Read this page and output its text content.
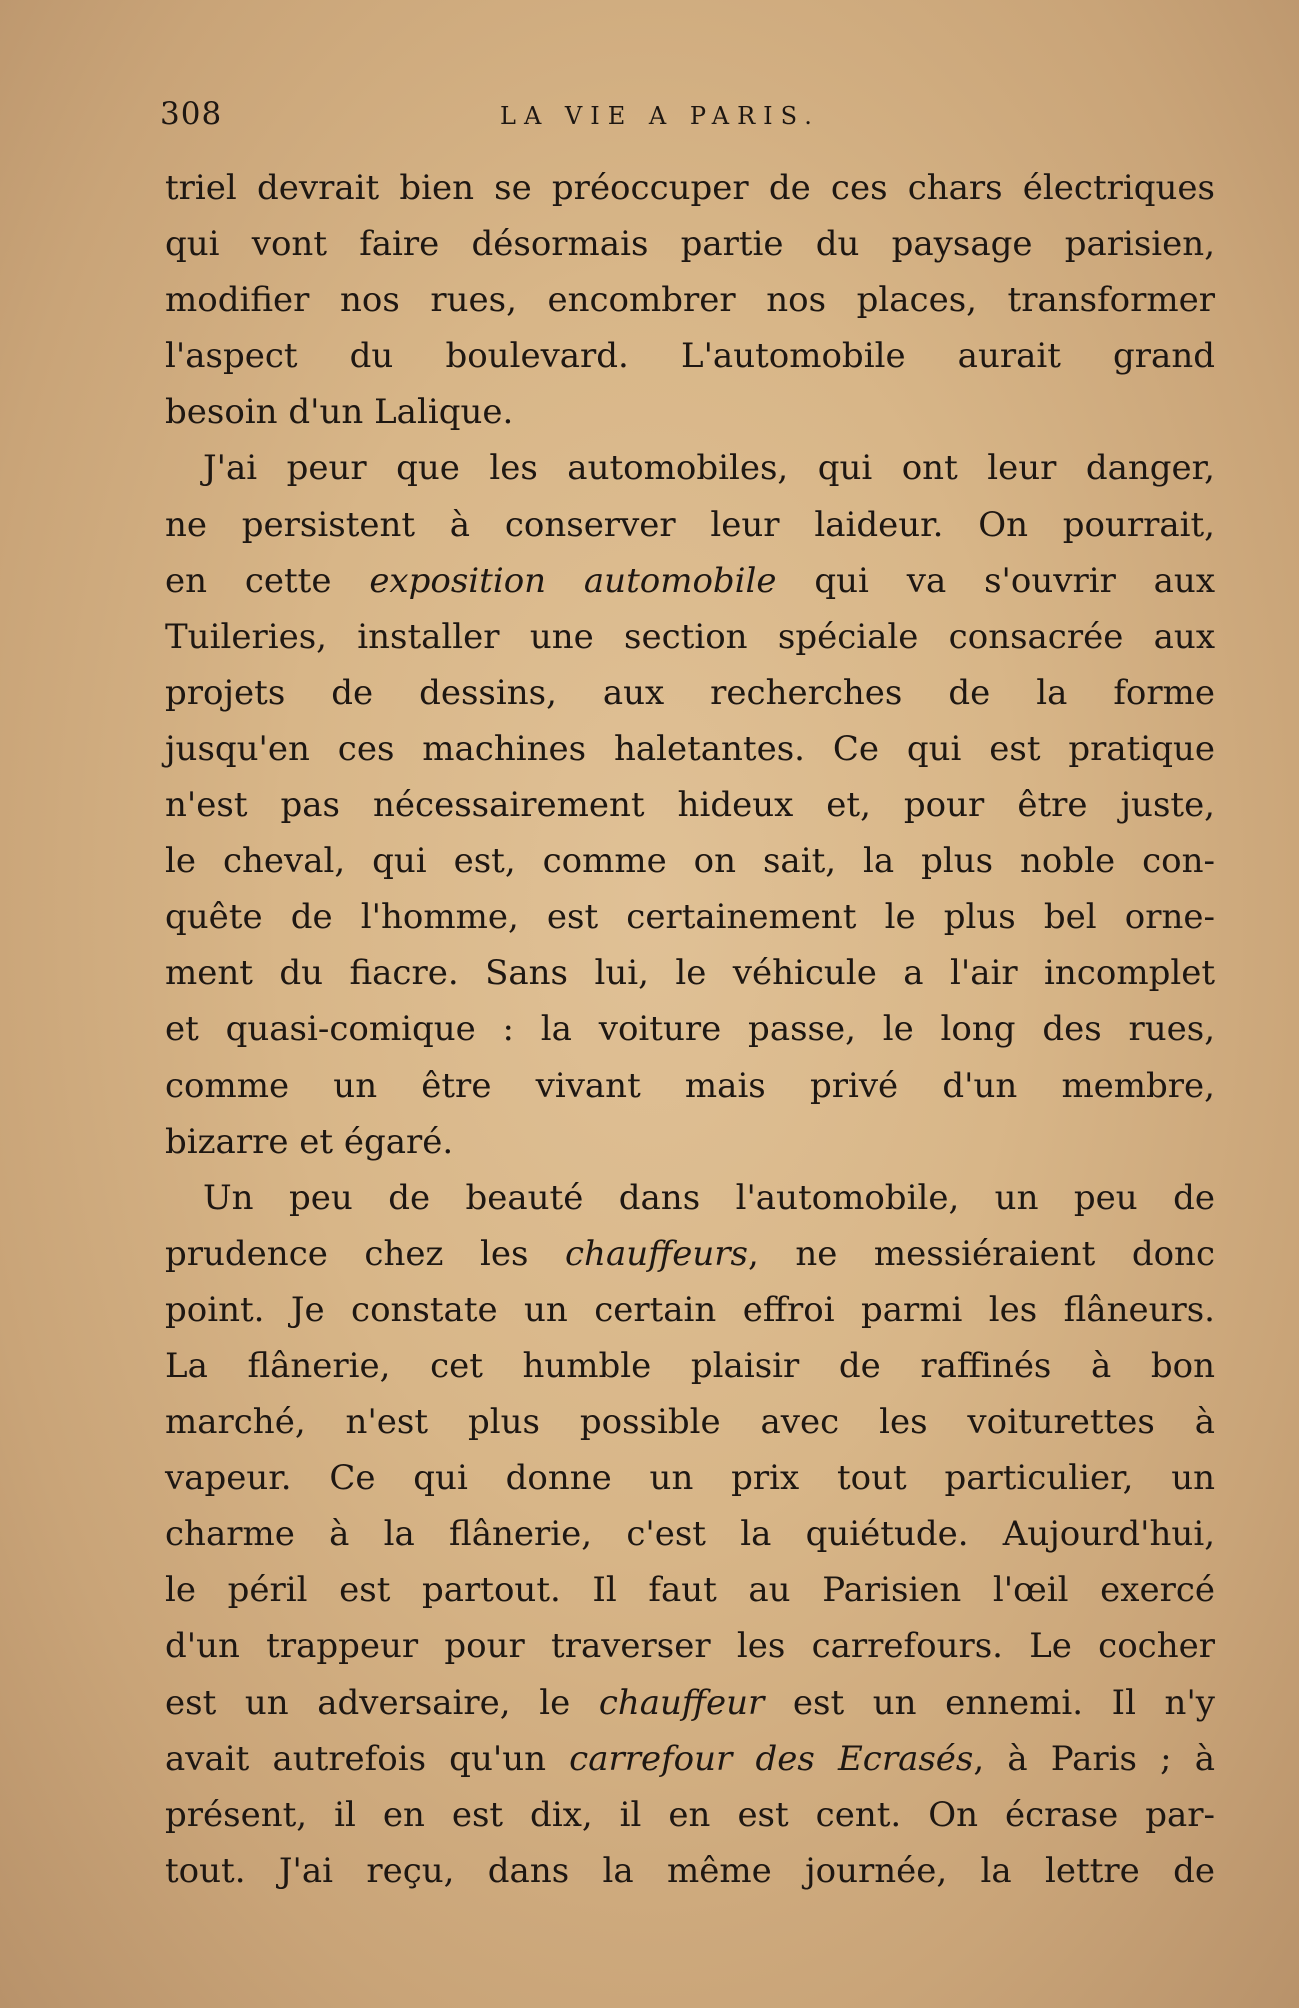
308	LA VIE A PARIS.
triel devrait bien se préoccuper de ces chars électriques
qui vont faire désormais partie du paysage parisien,
modifier nos rues, encombrer nos places, transformer
l'aspect du boulevard. L'automobile aurait grand
besoin d'un Lalique.
J'ai peur que les automobiles, qui ont leur danger,
ne persistent à conserver leur laideur. On pourrait,
en cette exposition automobile qui va s'ouvrir aux
Tuileries, installer une section spéciale consacrée aux
projets de dessins, aux recherches de la forme
jusqu'en ces machines haletantes. Ce qui est pratique
n'est pas nécessairement hideux et, pour être juste,
le cheval, qui est, comme on sait, la plus noble con-
quête de l'homme, est certainement le plus bel orne-
ment du fiacre. Sans lui, le véhicule a l'air incomplet
et quasi-comique : la voiture passe, le long des rues,
comme un être vivant mais privé d'un membre,
bizarre et égaré.
Un peu de beauté dans l'automobile, un peu de
prudence chez les chauffeurs, ne messiéraient donc
point. Je constate un certain effroi parmi les flâneurs.
La flânerie, cet humble plaisir de raffinés à bon
marché, n'est plus possible avec les voiturettes à
vapeur. Ce qui donne un prix tout particulier, un
charme à la flânerie, c'est la quiétude. Aujourd'hui,
le péril est partout. Il faut au Parisien l'œil exercé
d'un trappeur pour traverser les carrefours. Le cocher
est un adversaire, le chauffeur est un ennemi. Il n'y
avait autrefois qu'un carrefour des Ecrasés, à Paris ; à
présent, il en est dix, il en est cent. On écrase par-
tout. J'ai reçu, dans la même journée, la lettre de
